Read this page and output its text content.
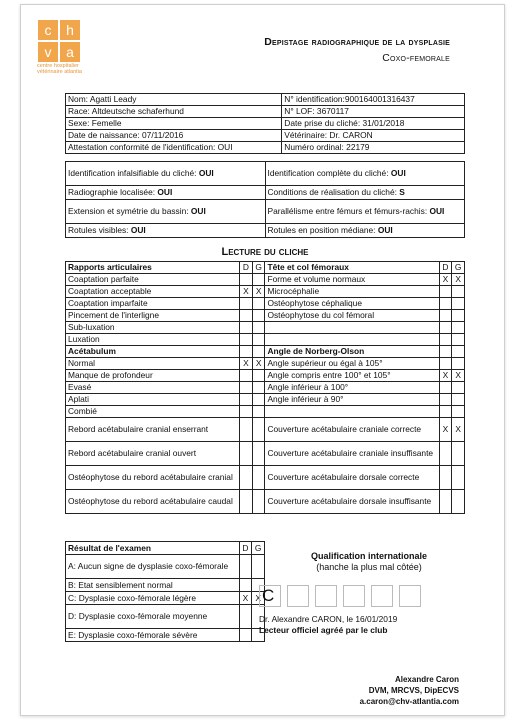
c	h
v	a
centre hospitalier vétérinaire atlantia
Depistage radiographique de la dysplasie
Coxo-femorale
Nom: Agatti Leady	N° identification:900164001316437
Race: Altdeutsche schaferhund	N° LOF: 3670117
Sexe: Femelle	Date prise du cliché: 31/01/2018
Date de naissance: 07/11/2016	Vétérinaire: Dr. CARON
Attestation conformité de l'identification: OUI	Numéro ordinal: 22179
Identification infalsifiable du cliché: OUI	Identification complète du cliché: OUI
Radiographie localisée: OUI	Conditions de réalisation du cliché: S
Extension et symétrie du bassin: OUI	Parallélisme entre fémurs et fémurs-rachis: OUI
Rotules visibles: OUI	Rotules en position médiane: OUI
Lecture du cliche
Rapports articulaires	D	G	Tête et col fémoraux	D	G
Coaptation parfaite			Forme et volume normaux	X	X
Coaptation acceptable	X	X	Microcéphalie		
Coaptation imparfaite			Ostéophytose céphalique		
Pincement de l'interligne			Ostéophytose du col fémoral		
Sub-luxation					
Luxation					
Acétabulum			Angle de Norberg-Olson		
Normal	X	X	Angle supérieur ou égal à 105°		
Manque de profondeur			Angle compris entre 100° et 105°	X	X
Evasé			Angle inférieur à 100°		
Aplati			Angle inférieur à 90°		
Combié					
Rebord acétabulaire cranial enserrant			Couverture acétabulaire craniale correcte	X	X
Rebord acétabulaire cranial ouvert			Couverture acétabulaire craniale insuffisante		
Ostéophytose du rebord acétabulaire cranial			Couverture acétabulaire dorsale correcte		
Ostéophytose du rebord acétabulaire caudal			Couverture acétabulaire dorsale insuffisante		
Résultat de l'examen	D	G
A: Aucun signe de dysplasie coxo-fémorale		
B: Etat sensiblement normal		
C: Dysplasie coxo-fémorale légère	X	X
D: Dysplasie coxo-fémorale moyenne		
E: Dysplasie coxo-fémorale sévère		
Qualification internationale
(hanche la plus mal côtée)
C
Dr. Alexandre CARON, le 16/01/2019
Lecteur officiel agréé par le club
Alexandre Caron
DVM, MRCVS, DipECVS
a.caron@chv-atlantia.com
